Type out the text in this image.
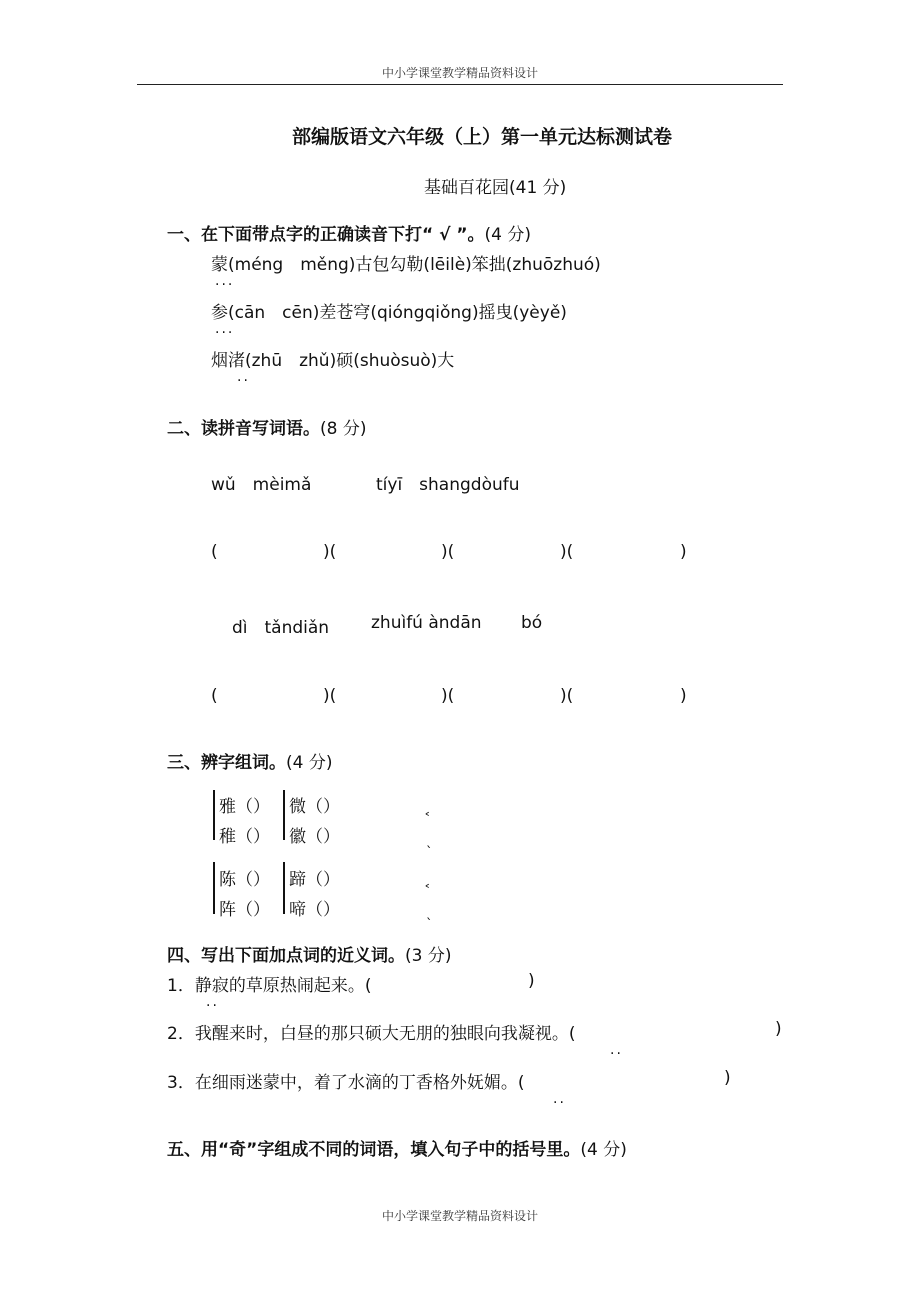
中小学课堂教学精品资料设计
部编版语文六年级（上）第一单元达标测试卷
基础百花园(41 分)
一、在下面带点字的正确读音下打“ √ ”。(4 分)
蒙(méng　měng)古包勾勒(lēilè)笨拙(zhuōzhuó)
···
参(cān　cēn)差苍穹(qióngqiǒng)摇曳(yèyě)
···
烟渚(zhū　zhǔ)硕(shuòsuò)大
··
二、读拼音写词语。(8 分)
wǔ　mèimǎ	tíyī　shangdòufu
(	)(	)(	)(	)
dì　tǎndiǎn zhuìfú àndān bó
(	)(	)(	)(	)
三、辨字组词。(4 分)
雅（） 微（）
稚（） 徽（）
˂
ˎ
陈（） 蹄（）
阵（） 啼（）
˂
ˎ
四、写出下面加点词的近义词。(3 分)
1．静寂的草原热闹起来。(	)
··
2．我醒来时，白昼的那只硕大无朋的独眼向我凝视。(	)
··
3．在细雨迷蒙中，着了水滴的丁香格外妩媚。(	)
··
五、用“奇”字组成不同的词语，填入句子中的括号里。(4 分)
中小学课堂教学精品资料设计
